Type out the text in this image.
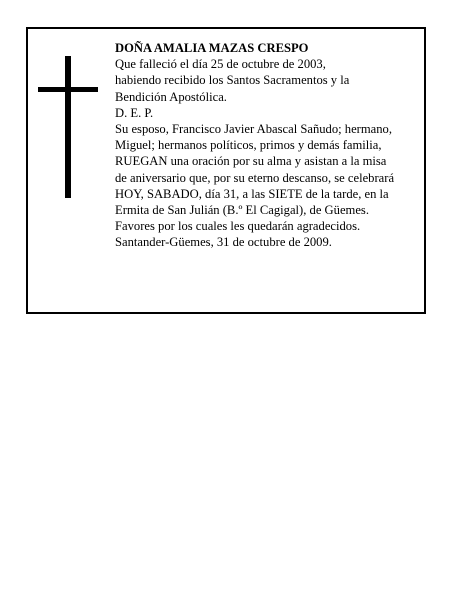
DOÑA AMALIA MAZAS CRESPO
Que falleció el día 25 de octubre de 2003,
habiendo recibido los Santos Sacramentos y la
Bendición Apostólica.
D. E. P.
Su esposo, Francisco Javier Abascal Sañudo; hermano,
Miguel; hermanos políticos, primos y demás familia,
RUEGAN una oración por su alma y asistan a la misa
de aniversario que, por su eterno descanso, se celebrará
HOY, SABADO, día 31, a las SIETE de la tarde, en la
Ermita de San Julián (B.º El Cagigal), de Güemes.
Favores por los cuales les quedarán agradecidos.
Santander-Güemes, 31 de octubre de 2009.
